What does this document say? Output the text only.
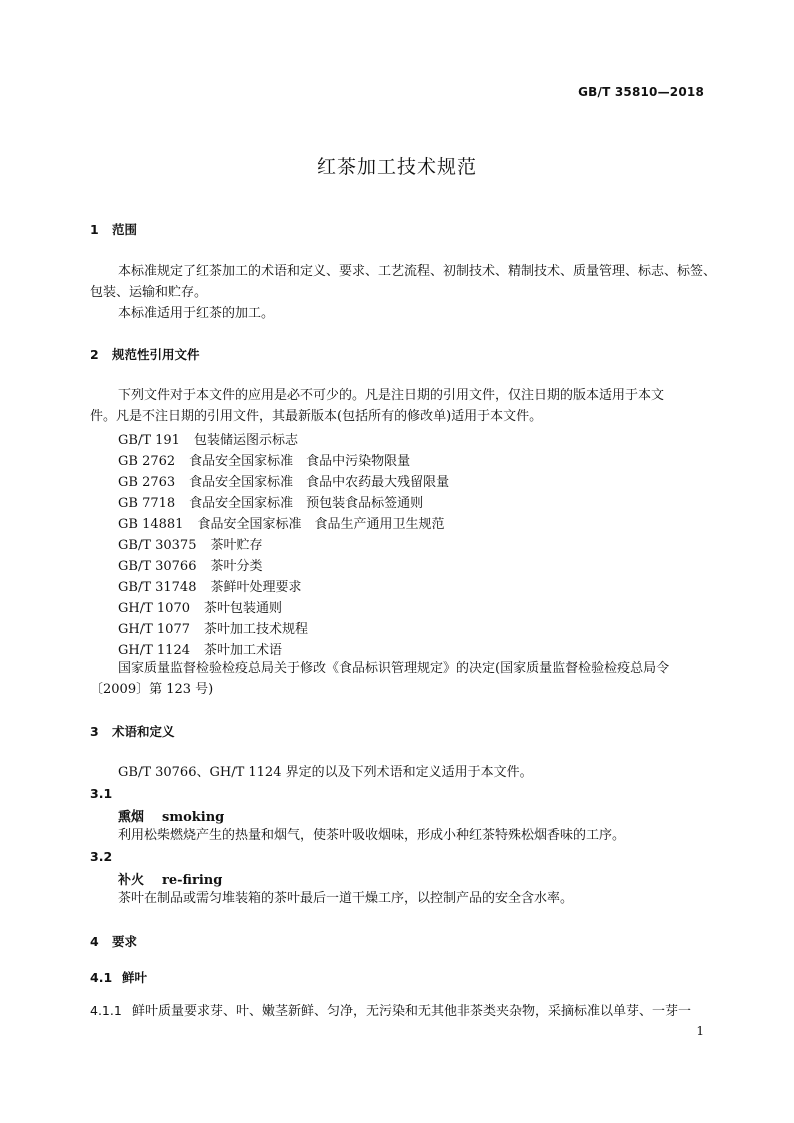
GB/T 35810—2018
红茶加工技术规范
1 范围
本标准规定了红茶加工的术语和定义、要求、工艺流程、初制技术、精制技术、质量管理、标志、标签、
包装、运输和贮存。
本标准适用于红茶的加工。
2 规范性引用文件
下列文件对于本文件的应用是必不可少的。凡是注日期的引用文件，仅注日期的版本适用于本文
件。凡是不注日期的引用文件，其最新版本(包括所有的修改单)适用于本文件。
GB/T 191 包装储运图示标志
GB 2762 食品安全国家标准　食品中污染物限量
GB 2763 食品安全国家标准　食品中农药最大残留限量
GB 7718 食品安全国家标准　预包装食品标签通则
GB 14881 食品安全国家标准　食品生产通用卫生规范
GB/T 30375 茶叶贮存
GB/T 30766 茶叶分类
GB/T 31748 茶鲜叶处理要求
GH/T 1070 茶叶包装通则
GH/T 1077 茶叶加工技术规程
GH/T 1124 茶叶加工术语
国家质量监督检验检疫总局关于修改《食品标识管理规定》的决定(国家质量监督检验检疫总局令
〔2009〕第 123 号)
3 术语和定义
GB/T 30766、GH/T 1124 界定的以及下列术语和定义适用于本文件。
3.1
熏烟 smoking
利用松柴燃烧产生的热量和烟气，使茶叶吸收烟味，形成小种红茶特殊松烟香味的工序。
3.2
补火 re-firing
茶叶在制品或需匀堆装箱的茶叶最后一道干燥工序，以控制产品的安全含水率。
4 要求
4.1 鲜叶
4.1.1 鲜叶质量要求芽、叶、嫩茎新鲜、匀净，无污染和无其他非茶类夹杂物，采摘标准以单芽、一芽一
1
